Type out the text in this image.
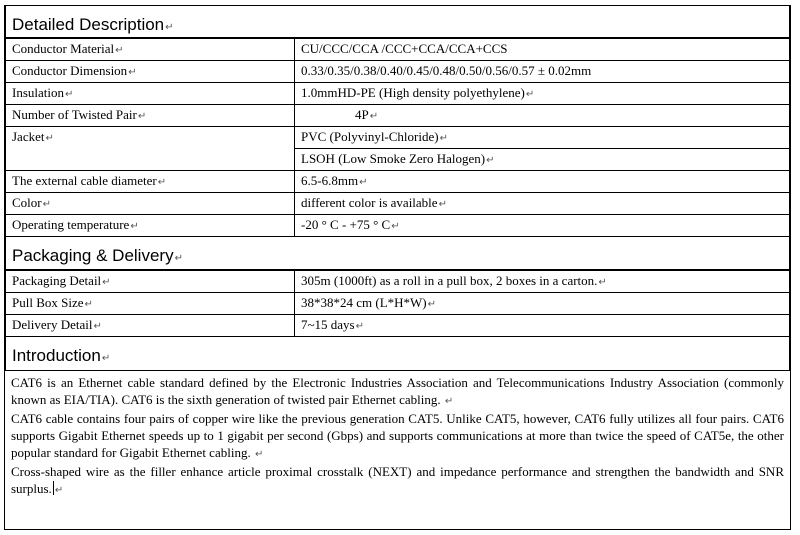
Detailed Description↵
Conductor Material↵	CU/CCC/CCA /CCC+CCA/CCA+CCS
Conductor Dimension↵	0.33/0.35/0.38/0.40/0.45/0.48/0.50/0.56/0.57 ± 0.02mm
Insulation↵	1.0mmHD-PE (High density polyethylene)↵
Number of Twisted Pair↵	4P↵
Jacket↵	PVC (Polyvinyl-Chloride)↵
	LSOH (Low Smoke Zero Halogen)↵
The external cable diameter↵	6.5-6.8mm↵
Color↵	different color is available↵
Operating temperature↵	-20 ° C - +75 ° C↵
Packaging & Delivery↵
Packaging Detail↵	305m (1000ft) as a roll in a pull box, 2 boxes in a carton.↵
Pull Box Size↵	38*38*24 cm (L*H*W)↵
Delivery Detail↵	7~15 days↵
Introduction↵

CAT6 is an Ethernet cable standard defined by the Electronic Industries Association and Telecommunications Industry Association (commonly known as EIA/TIA). CAT6 is the sixth generation of twisted pair Ethernet cabling. ↵

CAT6 cable contains four pairs of copper wire like the previous generation CAT5. Unlike CAT5, however, CAT6 fully utilizes all four pairs. CAT6 supports Gigabit Ethernet speeds up to 1 gigabit per second (Gbps) and supports communications at more than twice the speed of CAT5e, the other popular standard for Gigabit Ethernet cabling. ↵

Cross-shaped wire as the filler enhance article proximal crosstalk (NEXT) and impedance performance and strengthen the bandwidth and SNR surplus. ↵
